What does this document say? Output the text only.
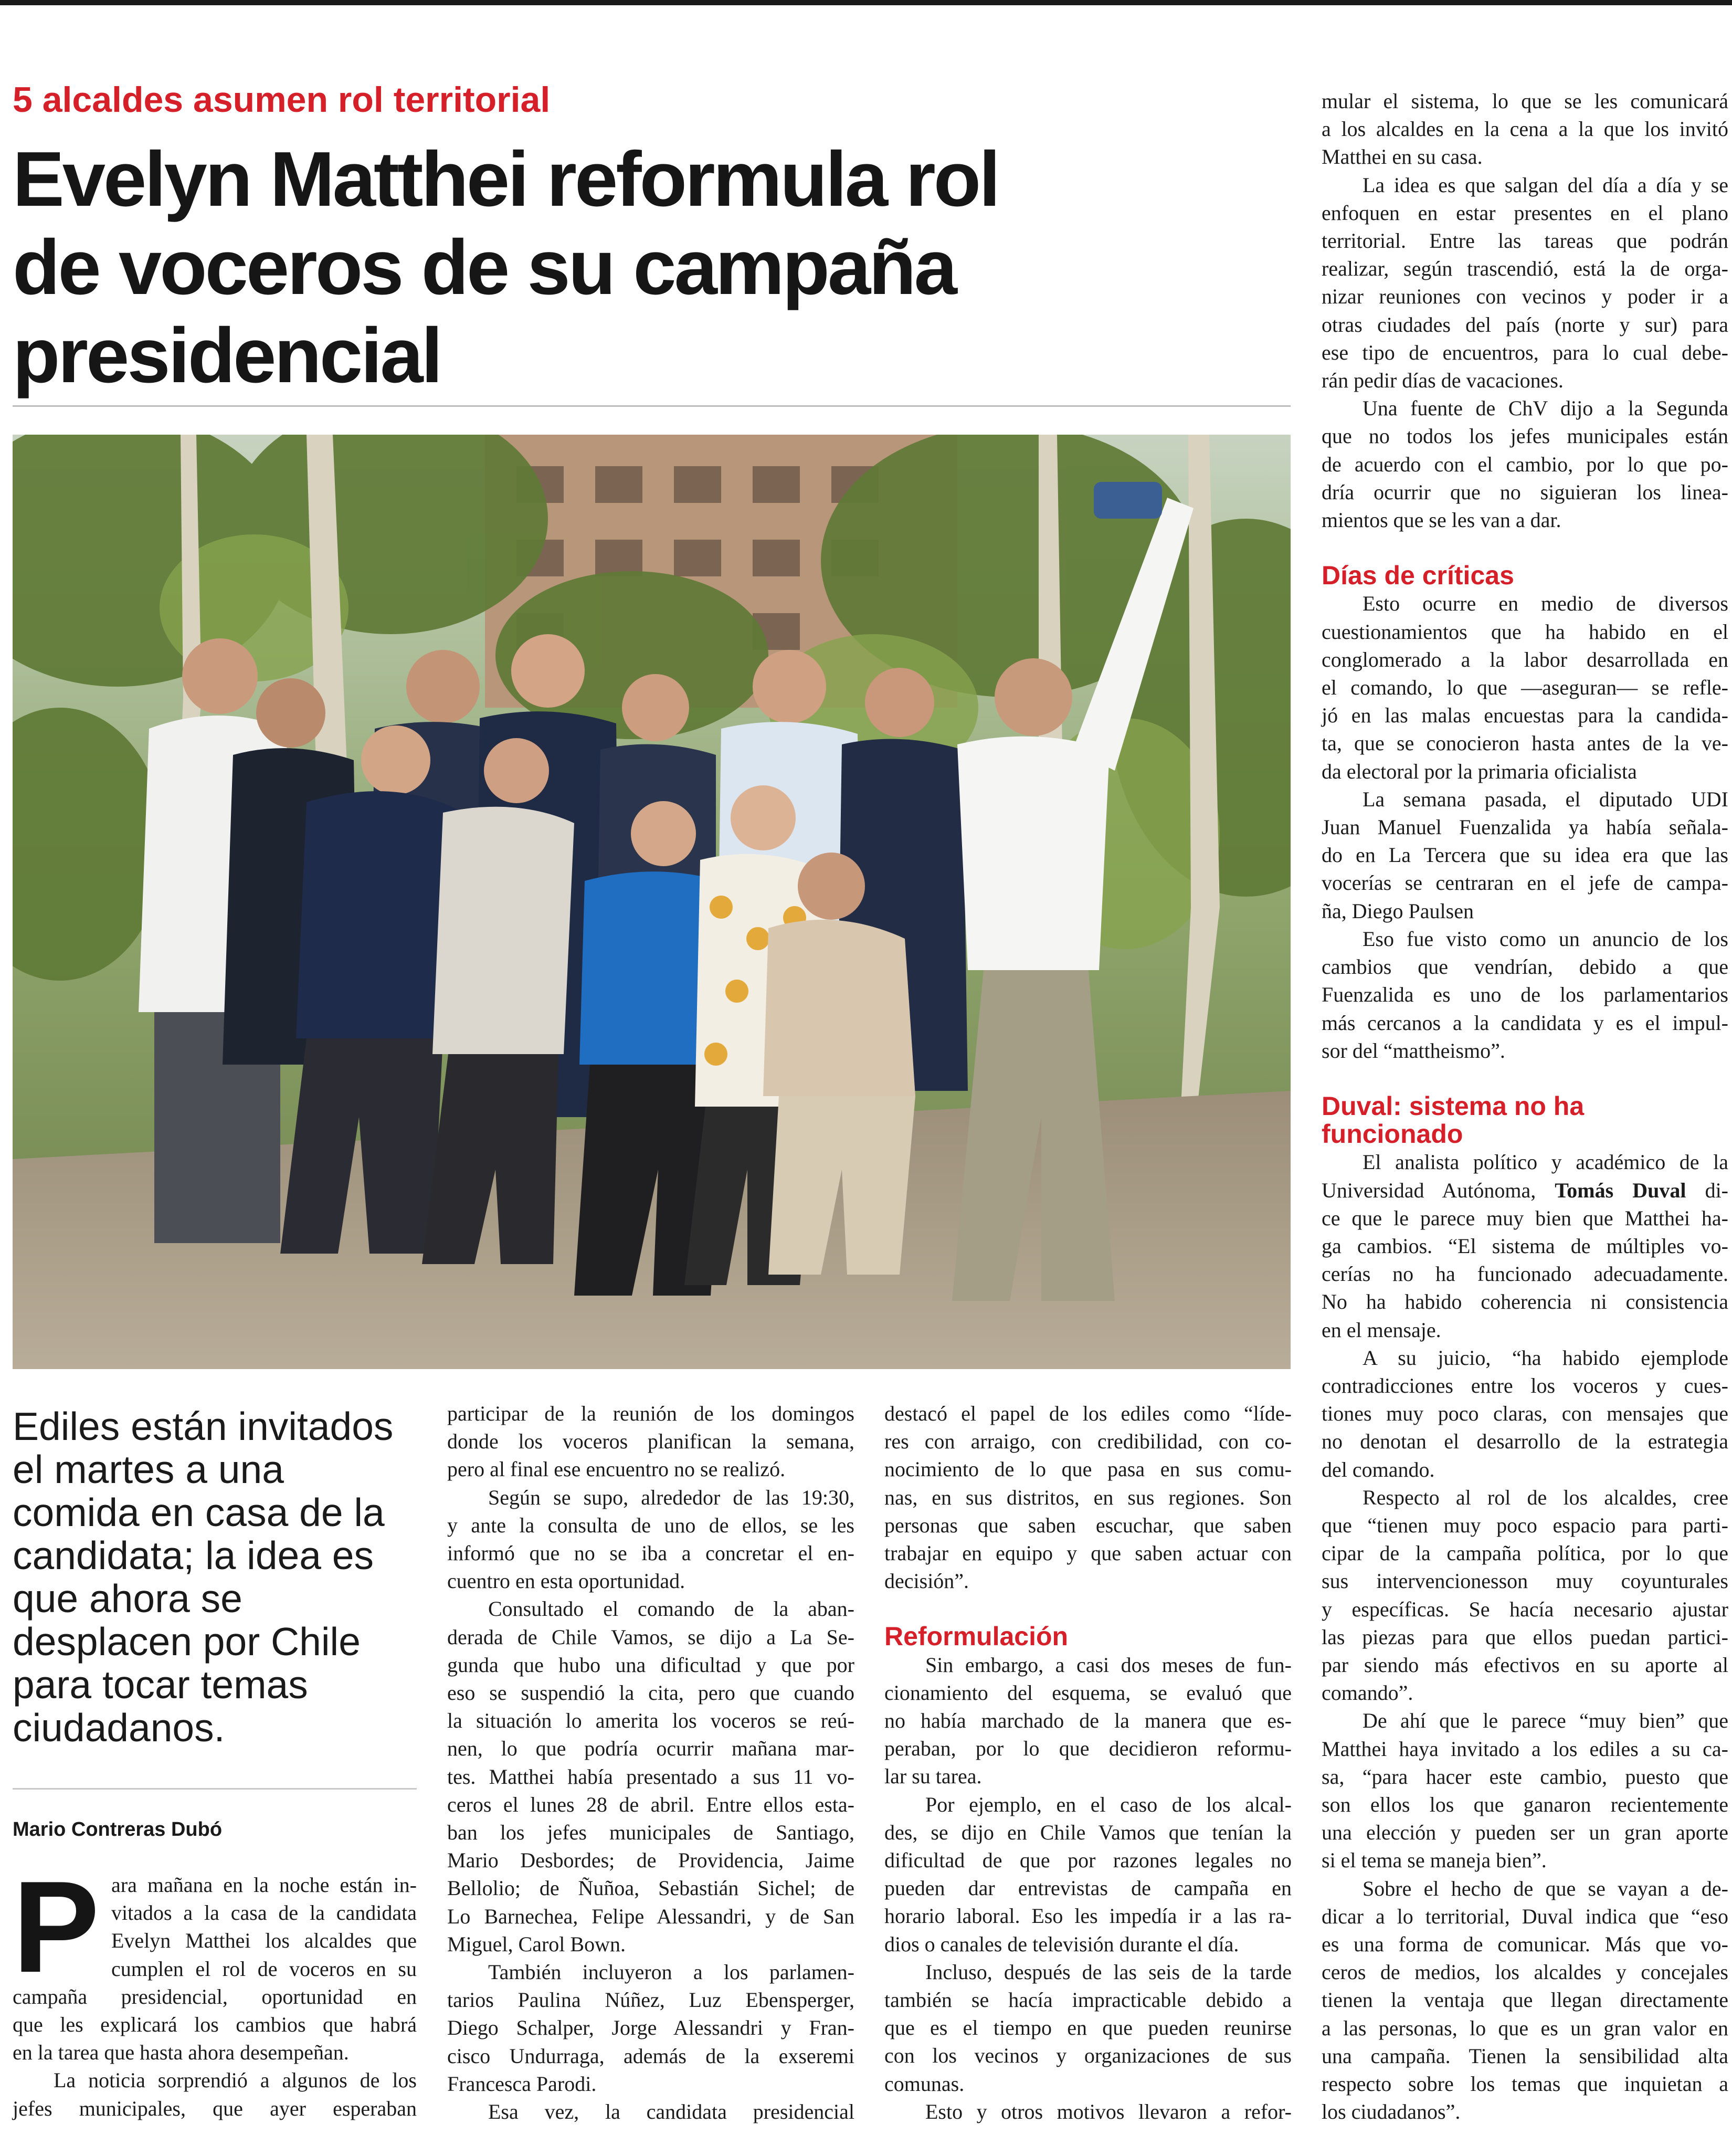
5 alcaldes asumen rol territorial
Evelyn Matthei reformula rol
de voceros de su campaña
presidencial
Ediles están invitados
el martes a una
comida en casa de la
candidata; la idea es
que ahora se
desplacen por Chile
para tocar temas
ciudadanos.
Mario Contreras Dubó
P ara mañana en la noche están in-
vitados a la casa de la candidata
Evelyn Matthei los alcaldes que
cumplen el rol de voceros en su
campaña presidencial, oportunidad en
que les explicará los cambios que habrá
en la tarea que hasta ahora desempeñan.
La noticia sorprendió a algunos de los
jefes municipales, que ayer esperaban
participar de la reunión de los domingos
donde los voceros planifican la semana,
pero al final ese encuentro no se realizó.
Según se supo, alrededor de las 19:30,
y ante la consulta de uno de ellos, se les
informó que no se iba a concretar el en-
cuentro en esta oportunidad.
Consultado el comando de la aban-
derada de Chile Vamos, se dijo a La Se-
gunda que hubo una dificultad y que por
eso se suspendió la cita, pero que cuando
la situación lo amerita los voceros se reú-
nen, lo que podría ocurrir mañana mar-
tes. Matthei había presentado a sus 11 vo-
ceros el lunes 28 de abril. Entre ellos esta-
ban los jefes municipales de Santiago,
Mario Desbordes; de Providencia, Jaime
Bellolio; de Ñuñoa, Sebastián Sichel; de
Lo Barnechea, Felipe Alessandri, y de San
Miguel, Carol Bown.
También incluyeron a los parlamen-
tarios Paulina Núñez, Luz Ebensperger,
Diego Schalper, Jorge Alessandri y Fran-
cisco Undurraga, además de la exseremi
Francesca Parodi.
Esa vez, la candidata presidencial
destacó el papel de los ediles como “líde-
res con arraigo, con credibilidad, con co-
nocimiento de lo que pasa en sus comu-
nas, en sus distritos, en sus regiones. Son
personas que saben escuchar, que saben
trabajar en equipo y que saben actuar con
decisión”.
Reformulación
Sin embargo, a casi dos meses de fun-
cionamiento del esquema, se evaluó que
no había marchado de la manera que es-
peraban, por lo que decidieron reformu-
lar su tarea.
Por ejemplo, en el caso de los alcal-
des, se dijo en Chile Vamos que tenían la
dificultad de que por razones legales no
pueden dar entrevistas de campaña en
horario laboral. Eso les impedía ir a las ra-
dios o canales de televisión durante el día.
Incluso, después de las seis de la tarde
también se hacía impracticable debido a
que es el tiempo en que pueden reunirse
con los vecinos y organizaciones de sus
comunas.
Esto y otros motivos llevaron a refor-
mular el sistema, lo que se les comunicará
a los alcaldes en la cena a la que los invitó
Matthei en su casa.
La idea es que salgan del día a día y se
enfoquen en estar presentes en el plano
territorial. Entre las tareas que podrán
realizar, según trascendió, está la de orga-
nizar reuniones con vecinos y poder ir a
otras ciudades del país (norte y sur) para
ese tipo de encuentros, para lo cual debe-
rán pedir días de vacaciones.
Una fuente de ChV dijo a la Segunda
que no todos los jefes municipales están
de acuerdo con el cambio, por lo que po-
dría ocurrir que no siguieran los linea-
mientos que se les van a dar.
Días de críticas
Esto ocurre en medio de diversos
cuestionamientos que ha habido en el
conglomerado a la labor desarrollada en
el comando, lo que —aseguran— se refle-
jó en las malas encuestas para la candida-
ta, que se conocieron hasta antes de la ve-
da electoral por la primaria oficialista
La semana pasada, el diputado UDI
Juan Manuel Fuenzalida ya había señala-
do en La Tercera que su idea era que las
vocerías se centraran en el jefe de campa-
ña, Diego Paulsen
Eso fue visto como un anuncio de los
cambios que vendrían, debido a que
Fuenzalida es uno de los parlamentarios
más cercanos a la candidata y es el impul-
sor del “mattheismo”.
Duval: sistema no ha
funcionado
El analista político y académico de la
Universidad Autónoma, Tomás Duval di-
ce que le parece muy bien que Matthei ha-
ga cambios. “El sistema de múltiples vo-
cerías no ha funcionado adecuadamente.
No ha habido coherencia ni consistencia
en el mensaje.
A su juicio, “ha habido ejemplode
contradicciones entre los voceros y cues-
tiones muy poco claras, con mensajes que
no denotan el desarrollo de la estrategia
del comando.
Respecto al rol de los alcaldes, cree
que “tienen muy poco espacio para parti-
cipar de la campaña política, por lo que
sus intervencionesson muy coyunturales
y específicas. Se hacía necesario ajustar
las piezas para que ellos puedan partici-
par siendo más efectivos en su aporte al
comando”.
De ahí que le parece “muy bien” que
Matthei haya invitado a los ediles a su ca-
sa, “para hacer este cambio, puesto que
son ellos los que ganaron recientemente
una elección y pueden ser un gran aporte
si el tema se maneja bien”.
Sobre el hecho de que se vayan a de-
dicar a lo territorial, Duval indica que “eso
es una forma de comunicar. Más que vo-
ceros de medios, los alcaldes y concejales
tienen la ventaja que llegan directamente
a las personas, lo que es un gran valor en
una campaña. Tienen la sensibilidad alta
respecto sobre los temas que inquietan a
los ciudadanos”.
